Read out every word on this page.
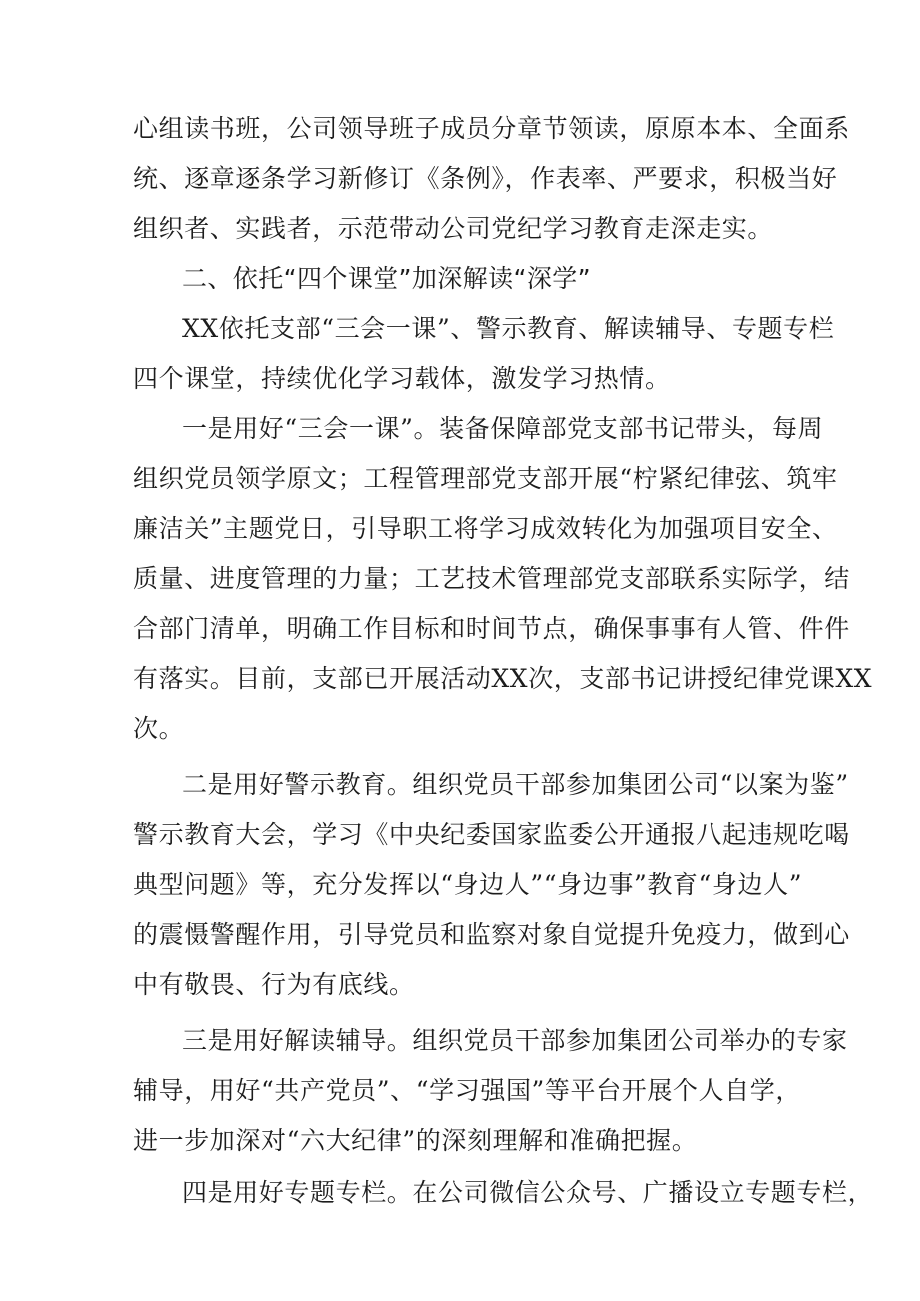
心组读书班，公司领导班子成员分章节领读，原原本本、全面系

统、逐章逐条学习新修订《条例》，作表率、严要求，积极当好

组织者、实践者，示范带动公司党纪学习教育走深走实。

二、依托“四个课堂”加深解读“深学”

XX依托支部“三会一课”、警示教育、解读辅导、专题专栏

四个课堂，持续优化学习载体，激发学习热情。

一是用好“三会一课”。装备保障部党支部书记带头，每周

组织党员领学原文；工程管理部党支部开展“柠紧纪律弦、筑牢

廉洁关”主题党日，引导职工将学习成效转化为加强项目安全、

质量、进度管理的力量；工艺技术管理部党支部联系实际学，结

合部门清单，明确工作目标和时间节点，确保事事有人管、件件

有落实。目前，支部已开展活动XX次，支部书记讲授纪律党课XX

次。

二是用好警示教育。组织党员干部参加集团公司“以案为鉴”

警示教育大会，学习《中央纪委国家监委公开通报八起违规吃喝

典型问题》等，充分发挥以“身边人”“身边事”教育“身边人”

的震慑警醒作用，引导党员和监察对象自觉提升免疫力，做到心

中有敬畏、行为有底线。

三是用好解读辅导。组织党员干部参加集团公司举办的专家

辅导，用好“共产党员”、“学习强国”等平台开展个人自学，

进一步加深对“六大纪律”的深刻理解和准确把握。

四是用好专题专栏。在公司微信公众号、广播设立专题专栏，
